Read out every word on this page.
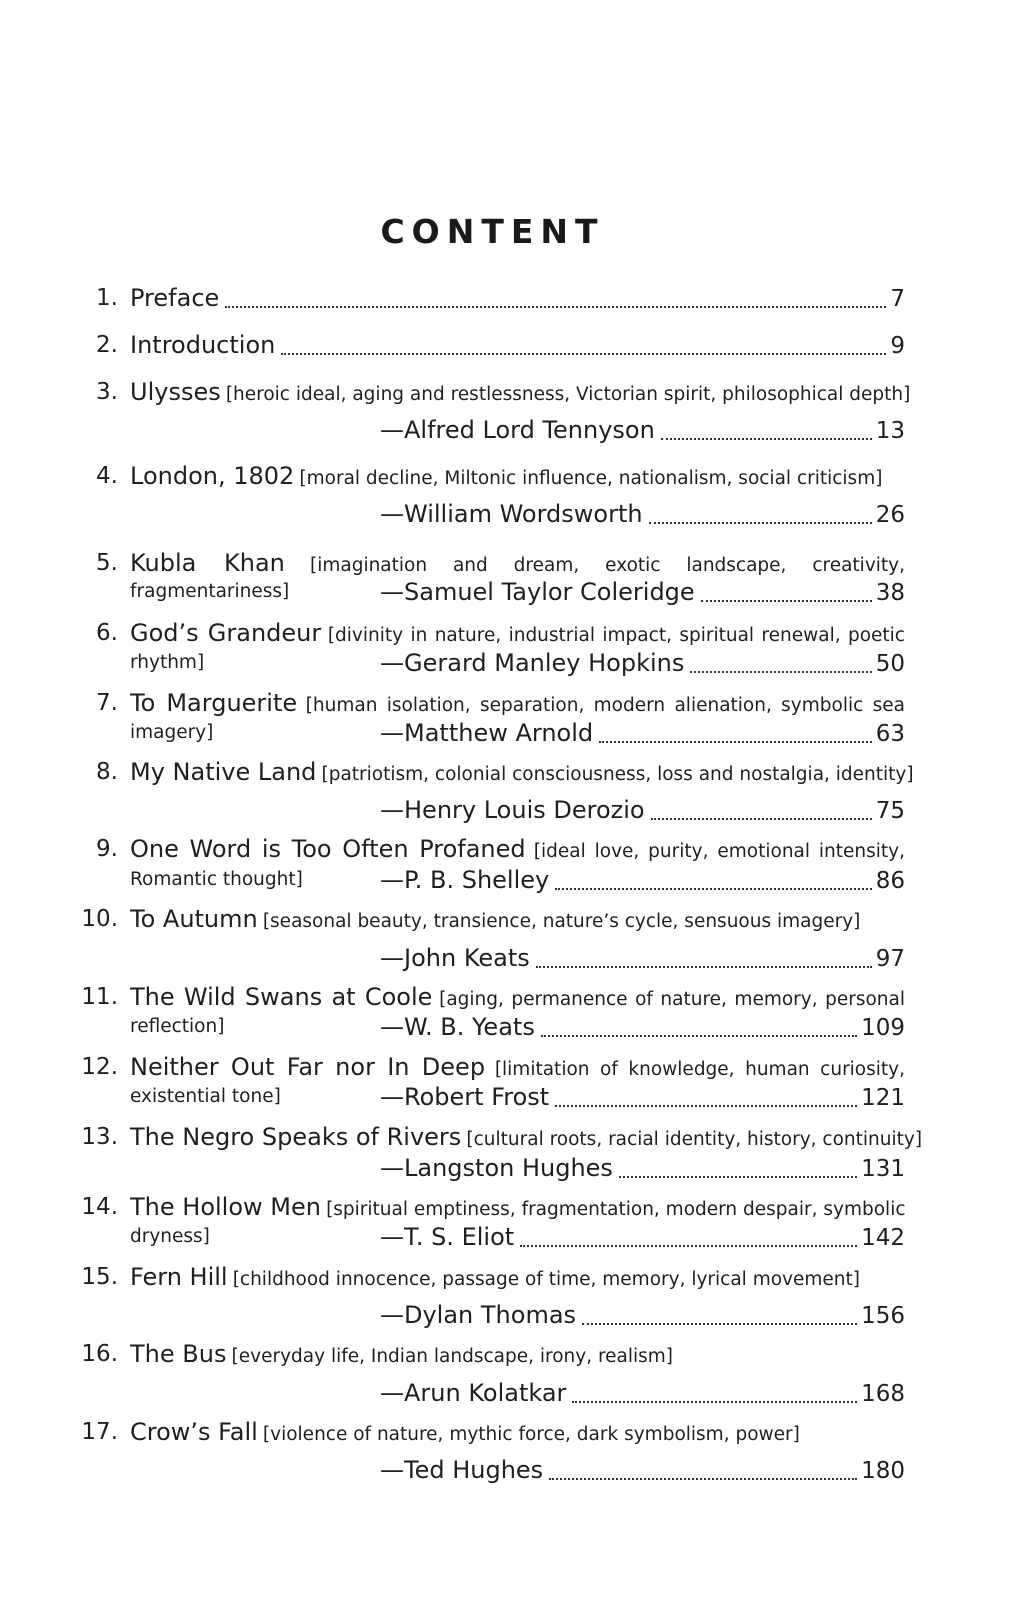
CONTENT
1. Preface	7
2. Introduction	9
3. Ulysses [heroic ideal, aging and restlessness, Victorian spirit, philosophical depth]
—Alfred Lord Tennyson	13
4. London, 1802 [moral decline, Miltonic influence, nationalism, social criticism]
—William Wordsworth	26
5. Kubla Khan [imagination and dream, exotic landscape, creativity,
fragmentariness]	—Samuel Taylor Coleridge	38
6. God’s Grandeur [divinity in nature, industrial impact, spiritual renewal, poetic
rhythm]	—Gerard Manley Hopkins	50
7. To Marguerite [human isolation, separation, modern alienation, symbolic sea
imagery]	—Matthew Arnold	63
8. My Native Land [patriotism, colonial consciousness, loss and nostalgia, identity]
—Henry Louis Derozio	75
9. One Word is Too Often Profaned [ideal love, purity, emotional intensity,
Romantic thought]	—P. B. Shelley	86
10. To Autumn [seasonal beauty, transience, nature’s cycle, sensuous imagery]
—John Keats	97
11. The Wild Swans at Coole [aging, permanence of nature, memory, personal
reflection]	—W. B. Yeats	109
12. Neither Out Far nor In Deep [limitation of knowledge, human curiosity,
existential tone]	—Robert Frost	121
13. The Negro Speaks of Rivers [cultural roots, racial identity, history, continuity]
—Langston Hughes	131
14. The Hollow Men [spiritual emptiness, fragmentation, modern despair, symbolic
dryness]	—T. S. Eliot	142
15. Fern Hill [childhood innocence, passage of time, memory, lyrical movement]
—Dylan Thomas	156
16. The Bus [everyday life, Indian landscape, irony, realism]
—Arun Kolatkar	168
17. Crow’s Fall [violence of nature, mythic force, dark symbolism, power]
—Ted Hughes	180
